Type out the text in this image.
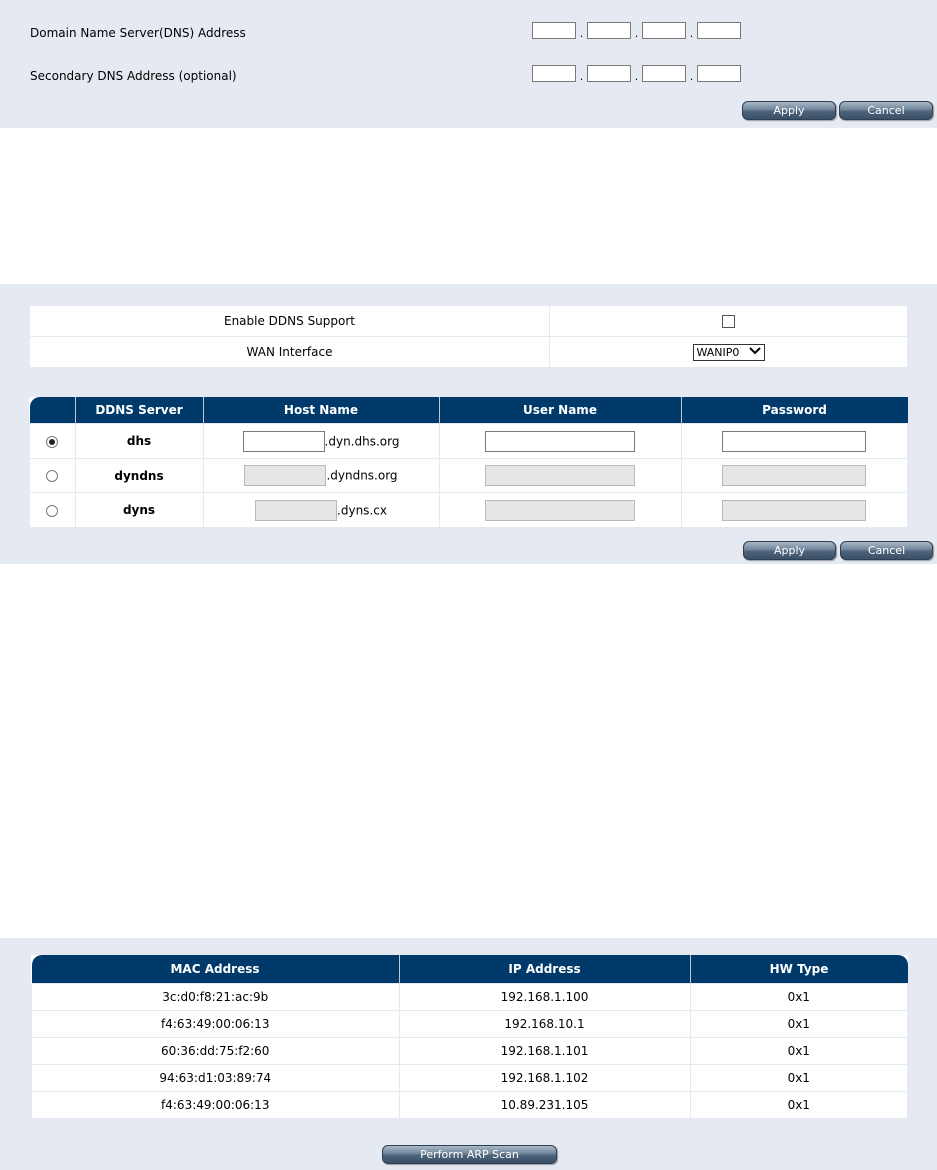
Domain Name Server(DNS) Address	.	.	.
Secondary DNS Address (optional)	.	.	.
Apply	Cancel
Enable DDNS Support	
WAN Interface	WANIP0
	DDNS Server	Host Name	User Name	Password
	dhs	.dyn.dhs.org		
	dyndns	.dyndns.org		
	dyns	.dyns.cx		
Apply	Cancel
MAC Address	IP Address	HW Type
3c:d0:f8:21:ac:9b	192.168.1.100	0x1
f4:63:49:00:06:13	192.168.10.1	0x1
60:36:dd:75:f2:60	192.168.1.101	0x1
94:63:d1:03:89:74	192.168.1.102	0x1
f4:63:49:00:06:13	10.89.231.105	0x1
Perform ARP Scan
